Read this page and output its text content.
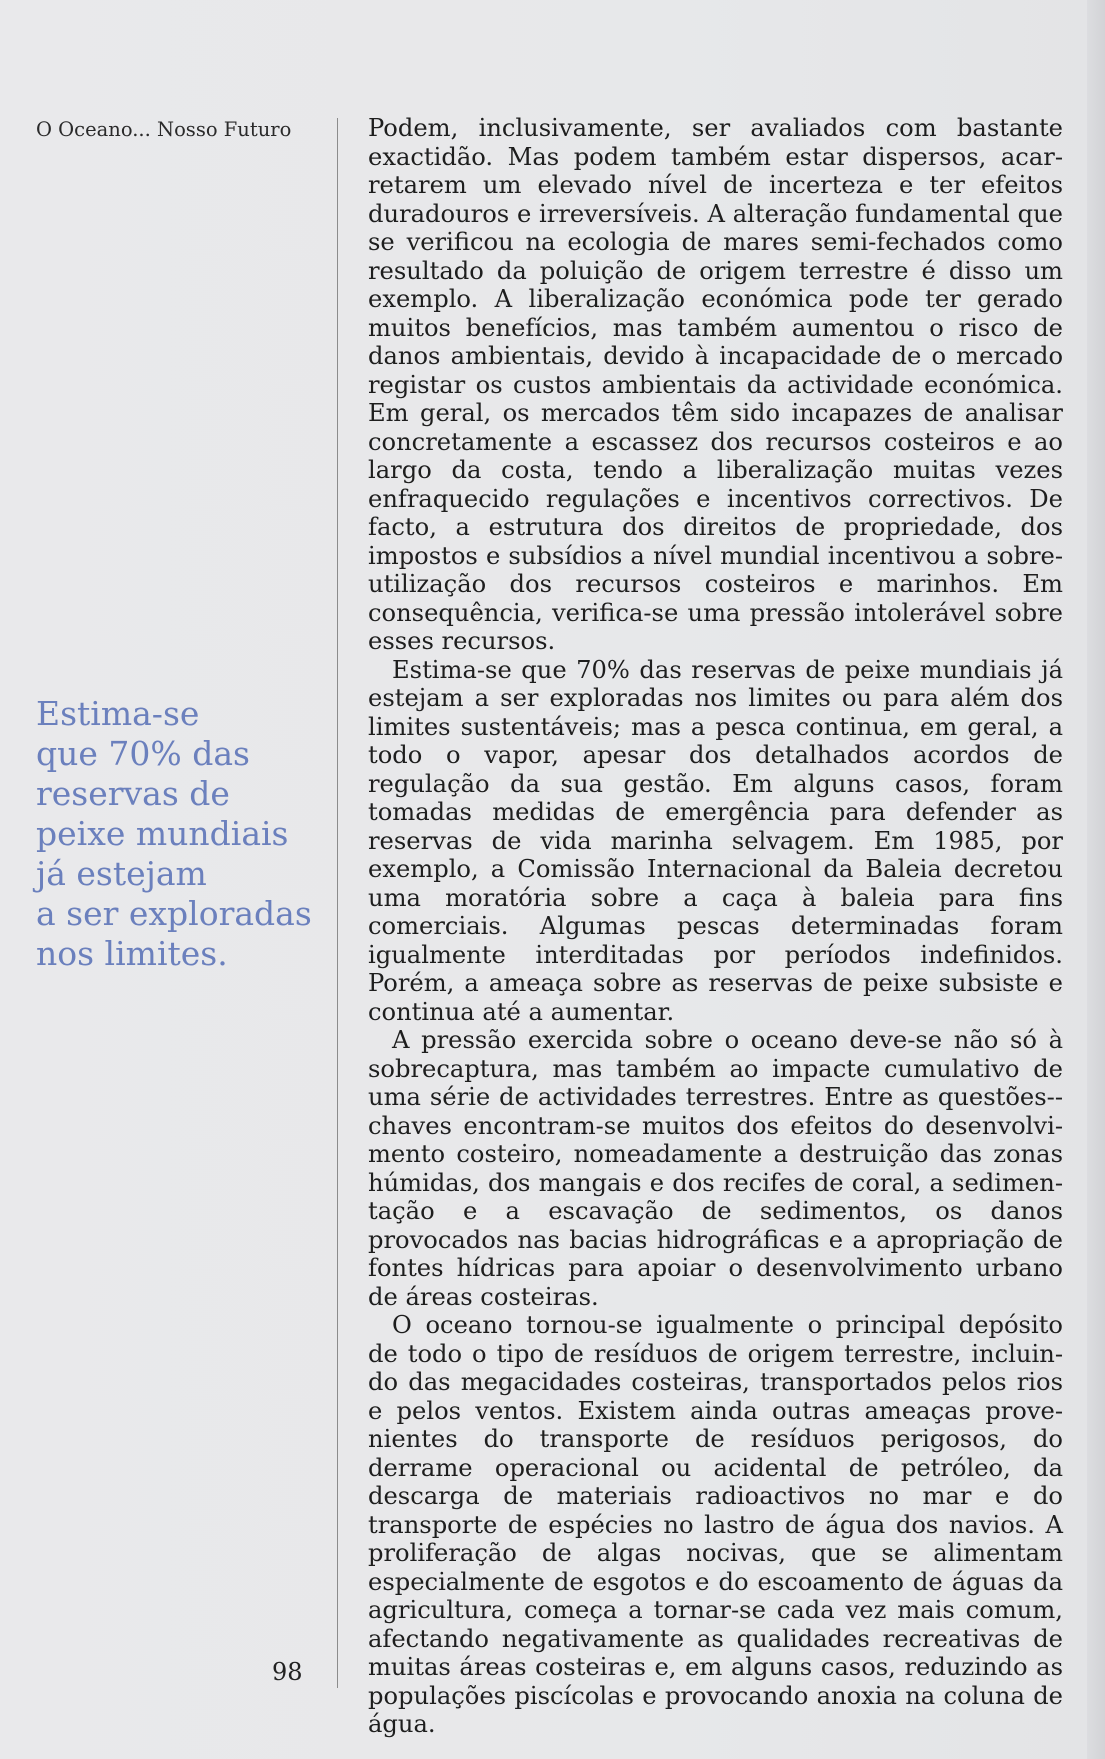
O Oceano... Nosso Futuro
Estima-se
que 70% das
reservas de
peixe mundiais
já estejam
a ser exploradas
nos limites.
98

Podem, inclusivamente, ser avaliados com bastante exactidão. Mas podem também estar dispersos, acarretarem um elevado nível de incerteza e ter efeitos duradouros e irreversíveis. A alteração fundamental que se verificou na ecologia de mares semi-fechados como resultado da poluição de origem terrestre é disso um exemplo. A liberalização económica pode ter gerado muitos benefícios, mas também aumentou o risco de danos ambientais, devido à incapacidade de o mercado registar os custos ambientais da actividade económica. Em geral, os mercados têm sido incapazes de analisar concretamente a escassez dos recursos costeiros e ao largo da costa, tendo a liberalização muitas vezes enfraquecido regulações e incentivos correctivos. De facto, a estrutura dos direitos de propriedade, dos impostos e subsídios a nível mundial incentivou a sobre-utilização dos recursos costeiros e marinhos. Em consequência, verifica-se uma pressão intolerável sobre esses recursos.

Estima-se que 70% das reservas de peixe mundiais já estejam a ser exploradas nos limites ou para além dos limites sustentáveis; mas a pesca continua, em geral, a todo o vapor, apesar dos detalhados acordos de regulação da sua gestão. Em alguns casos, foram tomadas medidas de emergência para defender as reservas de vida marinha selvagem. Em 1985, por exemplo, a Comissão Internacional da Baleia decretou uma moratória sobre a caça à baleia para fins comerciais. Algumas pescas determinadas foram igualmente interditadas por períodos indefinidos. Porém, a ameaça sobre as reservas de peixe subsiste e continua até a aumentar.

A pressão exercida sobre o oceano deve-se não só à sobrecaptura, mas também ao impacte cumulativo de uma série de actividades terrestres. Entre as questões--chaves encontram-se muitos dos efeitos do desenvolvimento costeiro, nomeadamente a destruição das zonas húmidas, dos mangais e dos recifes de coral, a sedimentação e a escavação de sedimentos, os danos provocados nas bacias hidrográficas e a apropriação de fontes hídricas para apoiar o desenvolvimento urbano de áreas costeiras.

O oceano tornou-se igualmente o principal depósito de todo o tipo de resíduos de origem terrestre, incluindo das megacidades costeiras, transportados pelos rios e pelos ventos. Existem ainda outras ameaças provenientes do transporte de resíduos perigosos, do derrame operacional ou acidental de petróleo, da descarga de materiais radioactivos no mar e do transporte de espécies no lastro de água dos navios. A proliferação de algas nocivas, que se alimentam especialmente de esgotos e do escoamento de águas da agricultura, começa a tornar-se cada vez mais comum, afectando negativamente as qualidades recreativas de muitas áreas costeiras e, em alguns casos, reduzindo as populações piscícolas e provocando anoxia na coluna de água.
